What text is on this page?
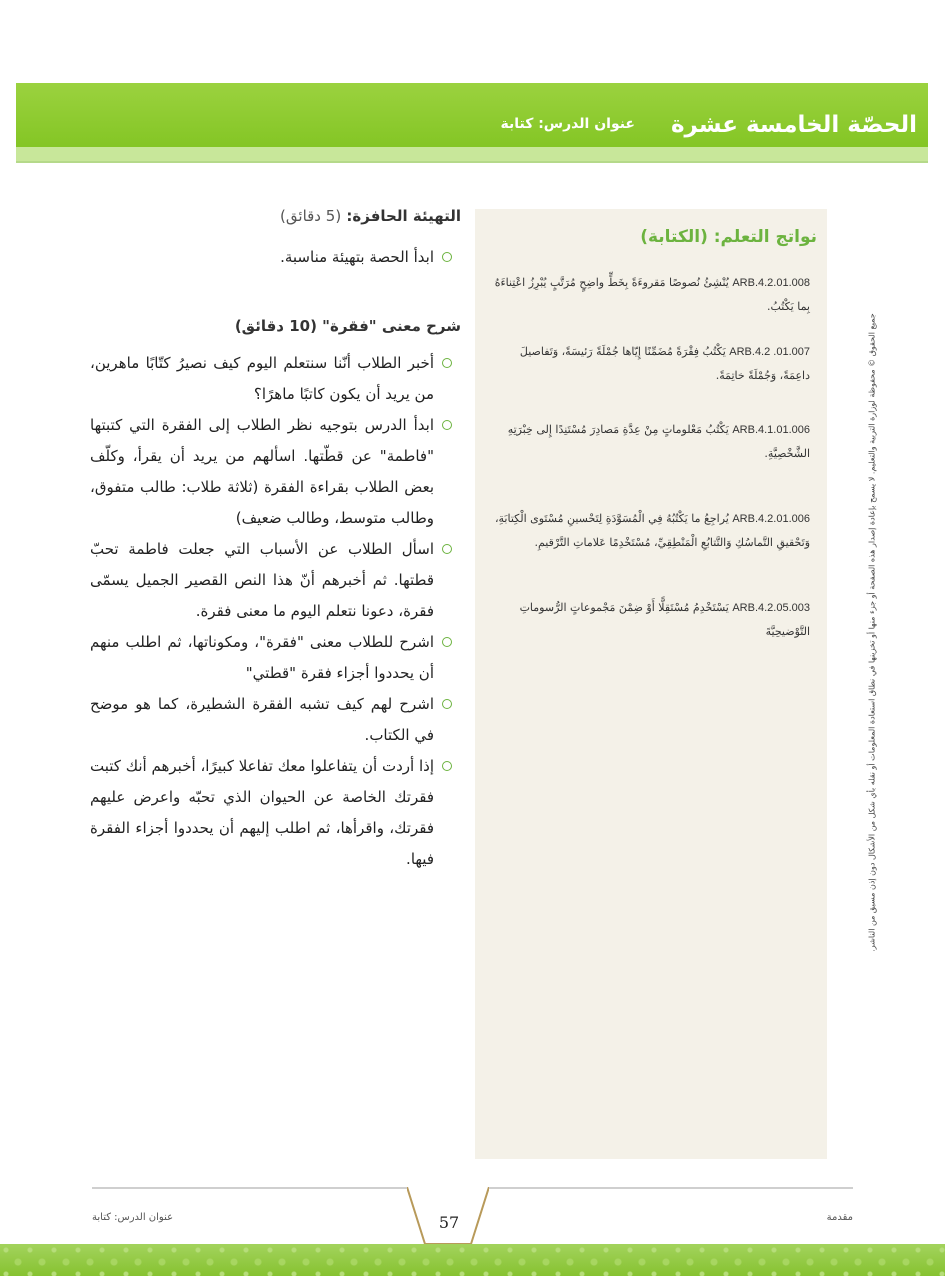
الحصّة الخامسة عشرة
عنوان الدرس: كتابة
نواتج التعلم: (الكتابة)
ARB.4.2.01.008 يُنْشِئُ نُصوصًا مَقروءَةً بِخَطٍّ واضِحٍ مُرَتَّبٍ يُبْرِزُ اعْتِناءَهُ بِما يَكْتُبُ.
ARB.4.2 .01.007 يَكْتُبُ فِقْرَةً مُضَمِّنًا إِيّاها جُمْلَةً رَئيسَةً، وَتَفاصيلَ داعِمَةً، وَجُمْلَةً خاتِمَةً.
ARB.4.1.01.006 يَكْتُبُ مَعْلوماتٍ مِنْ عِدَّةِ مَصادِرَ مُسْتَنِدًا إِلى خِبْرَتِهِ الشَّخْصِيَّةِ.
ARB.4.2.01.006 يُراجِعُ ما يَكْتُبُهُ فِي الْمُسَوَّدَةِ لِتَحْسينِ مُسْتَوى الْكِتابَةِ، وَتَحْقيقِ التَّماسُكِ وَالتَّتابُعِ الْمَنْطِقِيِّ، مُسْتَخْدِمًا عَلاماتِ التَّرْقيمِ.
ARB.4.2.05.003 يَسْتَخْدِمُ مُسْتَقِلًّا أَوْ ضِمْنَ مَجْموعاتٍ الرُّسوماتِ التَّوْضيحِيَّةَ
التهيئة الحافزة: (5 دقائق)
ابدأ الحصة بتهيئة مناسبة.
شرح معنى "فقرة" (10 دقائق)
أخبر الطلاب أنّنا سنتعلم اليوم كيف نصيرُ كتّابًا ماهرين، من يريد أن يكون كاتبًا ماهرًا؟
ابدأ الدرس بتوجيه نظر الطلاب إلى الفقرة التي كتبتها "فاطمة" عن قطّتها. اسألهم من يريد أن يقرأ، وكلّف بعض الطلاب بقراءة الفقرة (ثلاثة طلاب: طالب متفوق، وطالب متوسط، وطالب ضعيف)
اسأل الطلاب عن الأسباب التي جعلت فاطمة تحبّ قطتها. ثم أخبرهم أنّ هذا النص القصير الجميل يسمّى فقرة، دعونا نتعلم اليوم ما معنى فقرة.
اشرح للطلاب معنى "فقرة"، ومكوناتها، ثم اطلب منهم أن يحددوا أجزاء فقرة "قطتي"
اشرح لهم كيف تشبه الفقرة الشطيرة، كما هو موضح في الكتاب.
إذا أردت أن يتفاعلوا معك تفاعلا كبيرًا، أخبرهم أنك كتبت فقرتك الخاصة عن الحيوان الذي تحبّه واعرض عليهم فقرتك، واقرأها، ثم اطلب إليهم أن يحددوا أجزاء الفقرة فيها.	جميع الحقوق © محفوظة لوزارة التربية والتعليم. لا يسمح بإعادة إصدار هذه الصفحة أو جزء منها أو تخزينها في نطاق استعادة المعلومات أو نقله بأي شكل من الأشكال دون إذن مسبق من الناشر.
57
عنوان الدرس: كتابة	مقدمة
